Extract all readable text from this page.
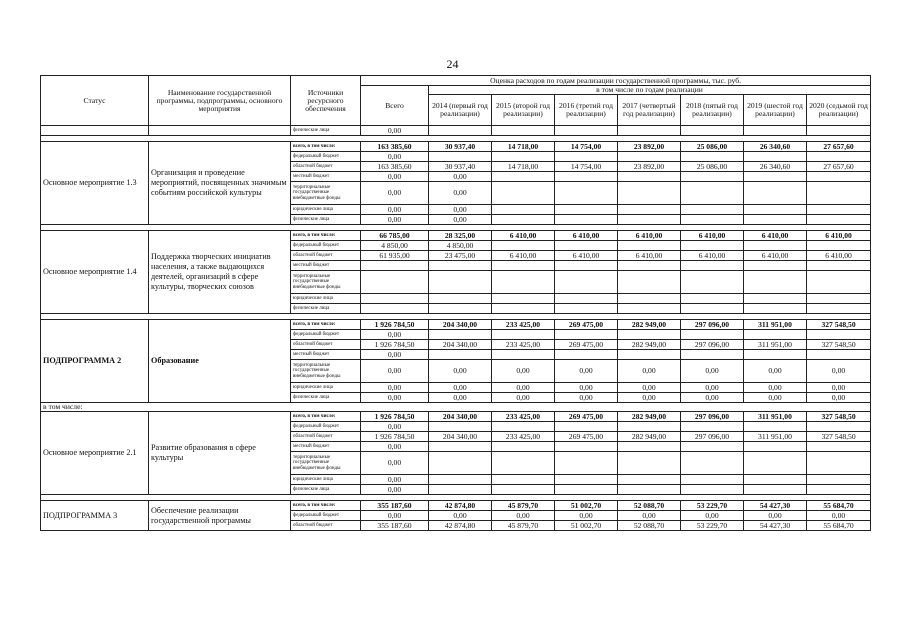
24
Статус	Наименование государственной программы, подпрограммы, основного мероприятия	Источники ресурсного обеспечения	Оценка расходов по годам реализации государственной программы, тыс. руб.							
			Всего	в том числе по годам реализации						
				2014 (первый год реализации)	2015 (второй год реализации)	2016 (третий год реализации)	2017 (четвертый год реализации)	2018 (пятый год реализации)	2019 (шестой год реализации)	2020 (седьмой год реализации)
		физические лица	0,00							

Основное мероприятие 1.3	Организация и проведение мероприятий, посвященных значимым событиям российской культуры	всего, в том числе:	163 385,60	30 937,40	14 718,00	14 754,00	23 892,00	25 086,00	26 340,60	27 657,60
		федеральный бюджет	0,00							
		областной бюджет	163 385,60	30 937,40	14 718,00	14 754,00	23 892,00	25 086,00	26 340,60	27 657,60
		местный бюджет	0,00	0,00						
		территориальные государственные внебюджетные фонды	0,00	0,00						
		юридические лица	0,00	0,00						
		физические лица	0,00	0,00						

Основное мероприятие 1.4	Поддержка творческих инициатив населения, а также выдающихся деятелей, организаций в сфере культуры, творческих союзов	всего, в том числе:	66 785,00	28 325,00	6 410,00	6 410,00	6 410,00	6 410,00	6 410,00	6 410,00
		федеральный бюджет	4 850,00	4 850,00						
		областной бюджет	61 935,00	23 475,00	6 410,00	6 410,00	6 410,00	6 410,00	6 410,00	6 410,00
		местный бюджет								
		территориальные государственные внебюджетные фонды								
		юридические лица								
		физические лица								

ПОДПРОГРАММА 2	Образование	всего, в том числе:	1 926 784,50	204 340,00	233 425,00	269 475,00	282 949,00	297 096,00	311 951,00	327 548,50
		федеральный бюджет	0,00							
		областной бюджет	1 926 784,50	204 340,00	233 425,00	269 475,00	282 949,00	297 096,00	311 951,00	327 548,50
		местный бюджет	0,00							
		территориальные государственные внебюджетные фонды	0,00	0,00	0,00	0,00	0,00	0,00	0,00	0,00
		юридические лица	0,00	0,00	0,00	0,00	0,00	0,00	0,00	0,00
		физические лица	0,00	0,00	0,00	0,00	0,00	0,00	0,00	0,00
в том числе:										
Основное мероприятие 2.1	Развитие образования в сфере культуры	всего, в том числе:	1 926 784,50	204 340,00	233 425,00	269 475,00	282 949,00	297 096,00	311 951,00	327 548,50
		федеральный бюджет	0,00							
		областной бюджет	1 926 784,50	204 340,00	233 425,00	269 475,00	282 949,00	297 096,00	311 951,00	327 548,50
		местный бюджет	0,00							
		территориальные государственные внебюджетные фонды	0,00							
		юридические лица	0,00							
		физические лица	0,00							

ПОДПРОГРАММА 3	Обеспечение реализации государственной программы	всего, в том числе:	355 187,60	42 874,80	45 879,70	51 002,70	52 088,70	53 229,70	54 427,30	55 684,70
		федеральный бюджет	0,00	0,00	0,00	0,00	0,00	0,00	0,00	0,00
		областной бюджет	355 187,60	42 874,80	45 879,70	51 002,70	52 088,70	53 229,70	54 427,30	55 684,70
